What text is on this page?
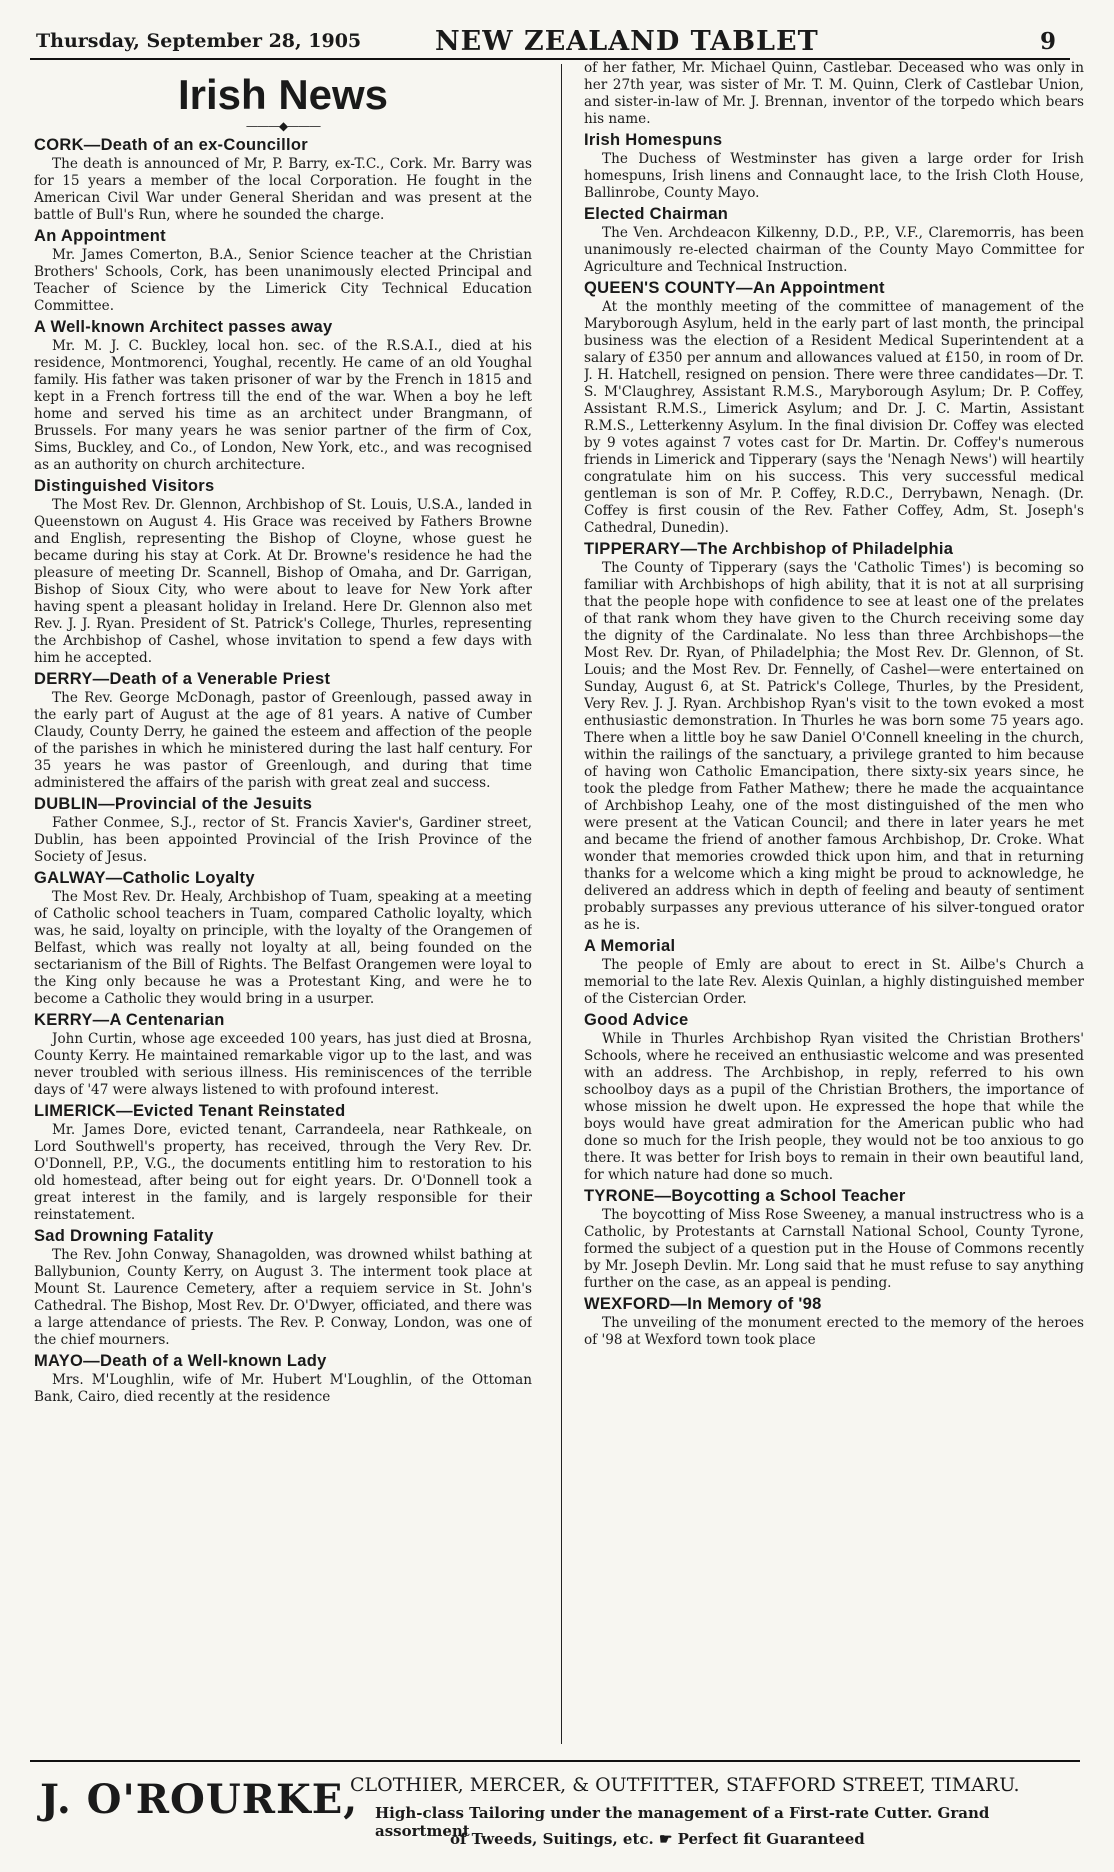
Thursday, September 28, 1905	NEW ZEALAND TABLET	9
Irish News
———◆———
CORK—Death of an ex-Councillor
The death is announced of Mr, P. Barry, ex-T.C., Cork. Mr. Barry was for 15 years a member of the local Corporation. He fought in the American Civil War under General Sheridan and was present at the battle of Bull's Run, where he sounded the charge.
An Appointment
Mr. James Comerton, B.A., Senior Science teacher at the Christian Brothers' Schools, Cork, has been unanimously elected Principal and Teacher of Science by the Limerick City Technical Education Committee.
A Well-known Architect passes away
Mr. M. J. C. Buckley, local hon. sec. of the R.S.A.I., died at his residence, Montmorenci, Youghal, recently. He came of an old Youghal family. His father was taken prisoner of war by the French in 1815 and kept in a French fortress till the end of the war. When a boy he left home and served his time as an architect under Brangmann, of Brussels. For many years he was senior partner of the firm of Cox, Sims, Buckley, and Co., of London, New York, etc., and was recognised as an authority on church architecture.
Distinguished Visitors
The Most Rev. Dr. Glennon, Archbishop of St. Louis, U.S.A., landed in Queenstown on August 4. His Grace was received by Fathers Browne and English, representing the Bishop of Cloyne, whose guest he became during his stay at Cork. At Dr. Browne's residence he had the pleasure of meeting Dr. Scannell, Bishop of Omaha, and Dr. Garrigan, Bishop of Sioux City, who were about to leave for New York after having spent a pleasant holiday in Ireland. Here Dr. Glennon also met Rev. J. J. Ryan. President of St. Patrick's College, Thurles, representing the Archbishop of Cashel, whose invitation to spend a few days with him he accepted.
DERRY—Death of a Venerable Priest
The Rev. George McDonagh, pastor of Greenlough, passed away in the early part of August at the age of 81 years. A native of Cumber Claudy, County Derry, he gained the esteem and affection of the people of the parishes in which he ministered during the last half century. For 35 years he was pastor of Greenlough, and during that time administered the affairs of the parish with great zeal and success.
DUBLIN—Provincial of the Jesuits
Father Conmee, S.J., rector of St. Francis Xavier's, Gardiner street, Dublin, has been appointed Provincial of the Irish Province of the Society of Jesus.
GALWAY—Catholic Loyalty
The Most Rev. Dr. Healy, Archbishop of Tuam, speaking at a meeting of Catholic school teachers in Tuam, compared Catholic loyalty, which was, he said, loyalty on principle, with the loyalty of the Orangemen of Belfast, which was really not loyalty at all, being founded on the sectarianism of the Bill of Rights. The Belfast Orangemen were loyal to the King only because he was a Protestant King, and were he to become a Catholic they would bring in a usurper.
KERRY—A Centenarian
John Curtin, whose age exceeded 100 years, has just died at Brosna, County Kerry. He maintained remarkable vigor up to the last, and was never troubled with serious illness. His reminiscences of the terrible days of '47 were always listened to with profound interest.
LIMERICK—Evicted Tenant Reinstated
Mr. James Dore, evicted tenant, Carrandeela, near Rathkeale, on Lord Southwell's property, has received, through the Very Rev. Dr. O'Donnell, P.P., V.G., the documents entitling him to restoration to his old homestead, after being out for eight years. Dr. O'Donnell took a great interest in the family, and is largely responsible for their reinstatement.
Sad Drowning Fatality
The Rev. John Conway, Shanagolden, was drowned whilst bathing at Ballybunion, County Kerry, on August 3. The interment took place at Mount St. Laurence Cemetery, after a requiem service in St. John's Cathedral. The Bishop, Most Rev. Dr. O'Dwyer, officiated, and there was a large attendance of priests. The Rev. P. Conway, London, was one of the chief mourners.
MAYO—Death of a Well-known Lady
Mrs. M'Loughlin, wife of Mr. Hubert M'Loughlin, of the Ottoman Bank, Cairo, died recently at the residence
of her father, Mr. Michael Quinn, Castlebar. Deceased who was only in her 27th year, was sister of Mr. T. M. Quinn, Clerk of Castlebar Union, and sister-in-law of Mr. J. Brennan, inventor of the torpedo which bears his name.
Irish Homespuns
The Duchess of Westminster has given a large order for Irish homespuns, Irish linens and Connaught lace, to the Irish Cloth House, Ballinrobe, County Mayo.
Elected Chairman
The Ven. Archdeacon Kilkenny, D.D., P.P., V.F., Claremorris, has been unanimously re-elected chairman of the County Mayo Committee for Agriculture and Technical Instruction.
QUEEN'S COUNTY—An Appointment
At the monthly meeting of the committee of management of the Maryborough Asylum, held in the early part of last month, the principal business was the election of a Resident Medical Superintendent at a salary of £350 per annum and allowances valued at £150, in room of Dr. J. H. Hatchell, resigned on pension. There were three candidates—Dr. T. S. M'Claughrey, Assistant R.M.S., Maryborough Asylum; Dr. P. Coffey, Assistant R.M.S., Limerick Asylum; and Dr. J. C. Martin, Assistant R.M.S., Letterkenny Asylum. In the final division Dr. Coffey was elected by 9 votes against 7 votes cast for Dr. Martin. Dr. Coffey's numerous friends in Limerick and Tipperary (says the 'Nenagh News') will heartily congratulate him on his success. This very successful medical gentleman is son of Mr. P. Coffey, R.D.C., Derrybawn, Nenagh. (Dr. Coffey is first cousin of the Rev. Father Coffey, Adm, St. Joseph's Cathedral, Dunedin).
TIPPERARY—The Archbishop of Philadelphia
The County of Tipperary (says the 'Catholic Times') is becoming so familiar with Archbishops of high ability, that it is not at all surprising that the people hope with confidence to see at least one of the prelates of that rank whom they have given to the Church receiving some day the dignity of the Cardinalate. No less than three Archbishops—the Most Rev. Dr. Ryan, of Philadelphia; the Most Rev. Dr. Glennon, of St. Louis; and the Most Rev. Dr. Fennelly, of Cashel—were entertained on Sunday, August 6, at St. Patrick's College, Thurles, by the President, Very Rev. J. J. Ryan. Archbishop Ryan's visit to the town evoked a most enthusiastic demonstration. In Thurles he was born some 75 years ago. There when a little boy he saw Daniel O'Connell kneeling in the church, within the railings of the sanctuary, a privilege granted to him because of having won Catholic Emancipation, there sixty-six years since, he took the pledge from Father Mathew; there he made the acquaintance of Archbishop Leahy, one of the most distinguished of the men who were present at the Vatican Council; and there in later years he met and became the friend of another famous Archbishop, Dr. Croke. What wonder that memories crowded thick upon him, and that in returning thanks for a welcome which a king might be proud to acknowledge, he delivered an address which in depth of feeling and beauty of sentiment probably surpasses any previous utterance of his silver-tongued orator as he is.
A Memorial
The people of Emly are about to erect in St. Ailbe's Church a memorial to the late Rev. Alexis Quinlan, a highly distinguished member of the Cistercian Order.
Good Advice
While in Thurles Archbishop Ryan visited the Christian Brothers' Schools, where he received an enthusiastic welcome and was presented with an address. The Archbishop, in reply, referred to his own schoolboy days as a pupil of the Christian Brothers, the importance of whose mission he dwelt upon. He expressed the hope that while the boys would have great admiration for the American public who had done so much for the Irish people, they would not be too anxious to go there. It was better for Irish boys to remain in their own beautiful land, for which nature had done so much.
TYRONE—Boycotting a School Teacher
The boycotting of Miss Rose Sweeney, a manual instructress who is a Catholic, by Protestants at Carnstall National School, County Tyrone, formed the subject of a question put in the House of Commons recently by Mr. Joseph Devlin. Mr. Long said that he must refuse to say anything further on the case, as an appeal is pending.
WEXFORD—In Memory of '98
The unveiling of the monument erected to the memory of the heroes of '98 at Wexford town took place
J. O'ROURKE,
CLOTHIER, MERCER, & OUTFITTER, STAFFORD STREET, TIMARU.
High-class Tailoring under the management of a First-rate Cutter. Grand assortment
of Tweeds, Suitings, etc. ☛ Perfect fit Guaranteed
